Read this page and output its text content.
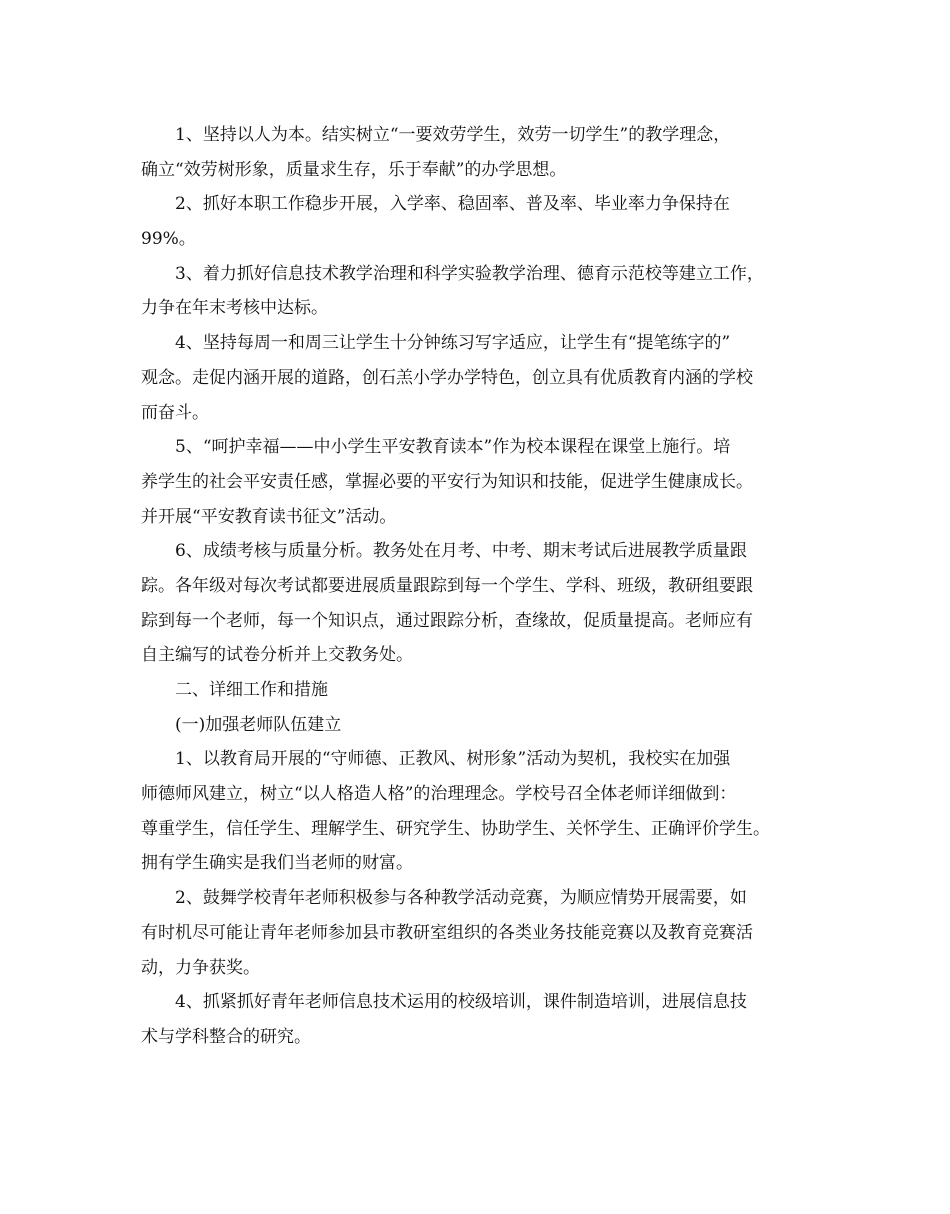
1、坚持以人为本。结实树立“一要效劳学生，效劳一切学生”的教学理念，
确立“效劳树形象，质量求生存，乐于奉献”的办学思想。
2、抓好本职工作稳步开展，入学率、稳固率、普及率、毕业率力争保持在
99%。
3、着力抓好信息技术教学治理和科学实验教学治理、德育示范校等建立工作，
力争在年末考核中达标。
4、坚持每周一和周三让学生十分钟练习写字适应，让学生有“提笔练字的”
观念。走促内涵开展的道路，创石羔小学办学特色，创立具有优质教育内涵的学校
而奋斗。
5、“呵护幸福——中小学生平安教育读本”作为校本课程在课堂上施行。培
养学生的社会平安责任感，掌握必要的平安行为知识和技能，促进学生健康成长。
并开展“平安教育读书征文”活动。
6、成绩考核与质量分析。教务处在月考、中考、期末考试后进展教学质量跟
踪。各年级对每次考试都要进展质量跟踪到每一个学生、学科、班级，教研组要跟
踪到每一个老师，每一个知识点，通过跟踪分析，查缘故，促质量提高。老师应有
自主编写的试卷分析并上交教务处。
二、详细工作和措施
(一)加强老师队伍建立
1、以教育局开展的“守师德、正教风、树形象”活动为契机，我校实在加强
师德师风建立，树立“以人格造人格”的治理理念。学校号召全体老师详细做到：
尊重学生，信任学生、理解学生、研究学生、协助学生、关怀学生、正确评价学生。
拥有学生确实是我们当老师的财富。
2、鼓舞学校青年老师积极参与各种教学活动竞赛，为顺应情势开展需要，如
有时机尽可能让青年老师参加县市教研室组织的各类业务技能竞赛以及教育竞赛活
动，力争获奖。
4、抓紧抓好青年老师信息技术运用的校级培训，课件制造培训，进展信息技
术与学科整合的研究。
